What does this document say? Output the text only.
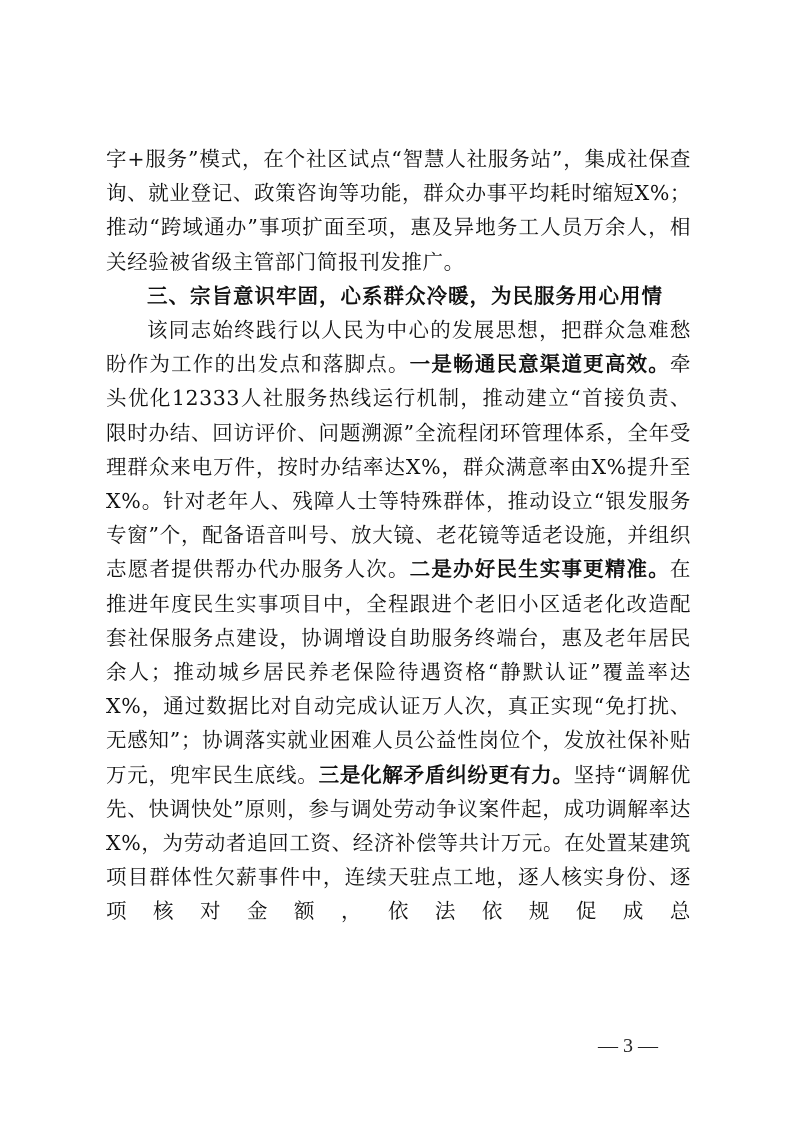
字+服务”模式，在个社区试点“智慧人社服务站”，集成社保查询、就业登记、政策咨询等功能，群众办事平均耗时缩短X%；推动“跨域通办”事项扩面至项，惠及异地务工人员万余人，相关经验被省级主管部门简报刊发推广。

三、宗旨意识牢固，心系群众冷暖，为民服务用心用情

该同志始终践行以人民为中心的发展思想，把群众急难愁盼作为工作的出发点和落脚点。一是畅通民意渠道更高效。牵头优化12333人社服务热线运行机制，推动建立“首接负责、限时办结、回访评价、问题溯源”全流程闭环管理体系，全年受理群众来电万件，按时办结率达X%，群众满意率由X%提升至X%。针对老年人、残障人士等特殊群体，推动设立“银发服务专窗”个，配备语音叫号、放大镜、老花镜等适老设施，并组织志愿者提供帮办代办服务人次。二是办好民生实事更精准。在推进年度民生实事项目中，全程跟进个老旧小区适老化改造配套社保服务点建设，协调增设自助服务终端台，惠及老年居民余人；推动城乡居民养老保险待遇资格“静默认证”覆盖率达X%，通过数据比对自动完成认证万人次，真正实现“免打扰、无感知”；协调落实就业困难人员公益性岗位个，发放社保补贴万元，兜牢民生底线。三是化解矛盾纠纷更有力。坚持“调解优先、快调快处”原则，参与调处劳动争议案件起，成功调解率达X%，为劳动者追回工资、经济补偿等共计万元。在处置某建筑项目群体性欠薪事件中，连续天驻点工地，逐人核实身份、逐项核对金额，依法依规促成总

— 3 —
